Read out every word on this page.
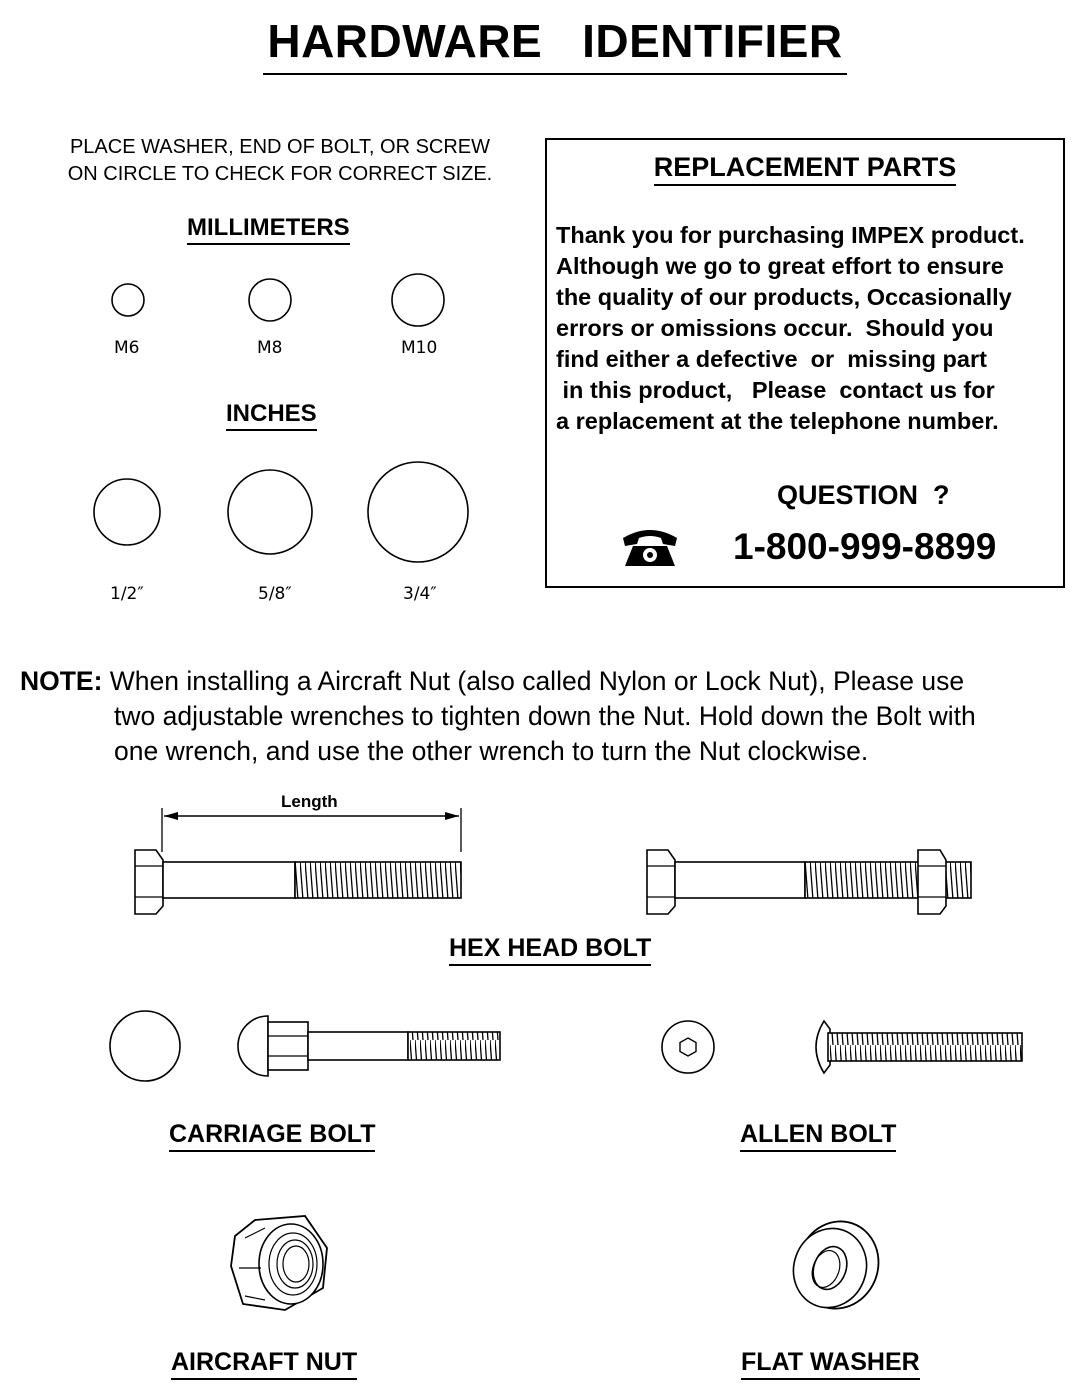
HARDWARE   IDENTIFIER
PLACE WASHER, END OF BOLT, OR SCREW
ON CIRCLE TO CHECK FOR CORRECT SIZE.
MILLIMETERS
M6	M8	M10
INCHES
1/2″	5/8″	3/4″
REPLACEMENT PARTS
Thank you for purchasing IMPEX product.
Although we go to great effort to ensure
the quality of our products, Occasionally
errors or omissions occur.  Should you
find either a defective  or  missing part
in this product,   Please  contact us for
a replacement at the telephone number.
QUESTION  ?
1-800-999-8899
NOTE: When installing a Aircraft Nut (also called Nylon or Lock Nut), Please use
two adjustable wrenches to tighten down the Nut. Hold down the Bolt with
one wrench, and use the other wrench to turn the Nut clockwise.
Length
HEX HEAD BOLT
CARRIAGE BOLT	ALLEN BOLT
AIRCRAFT NUT	FLAT WASHER
